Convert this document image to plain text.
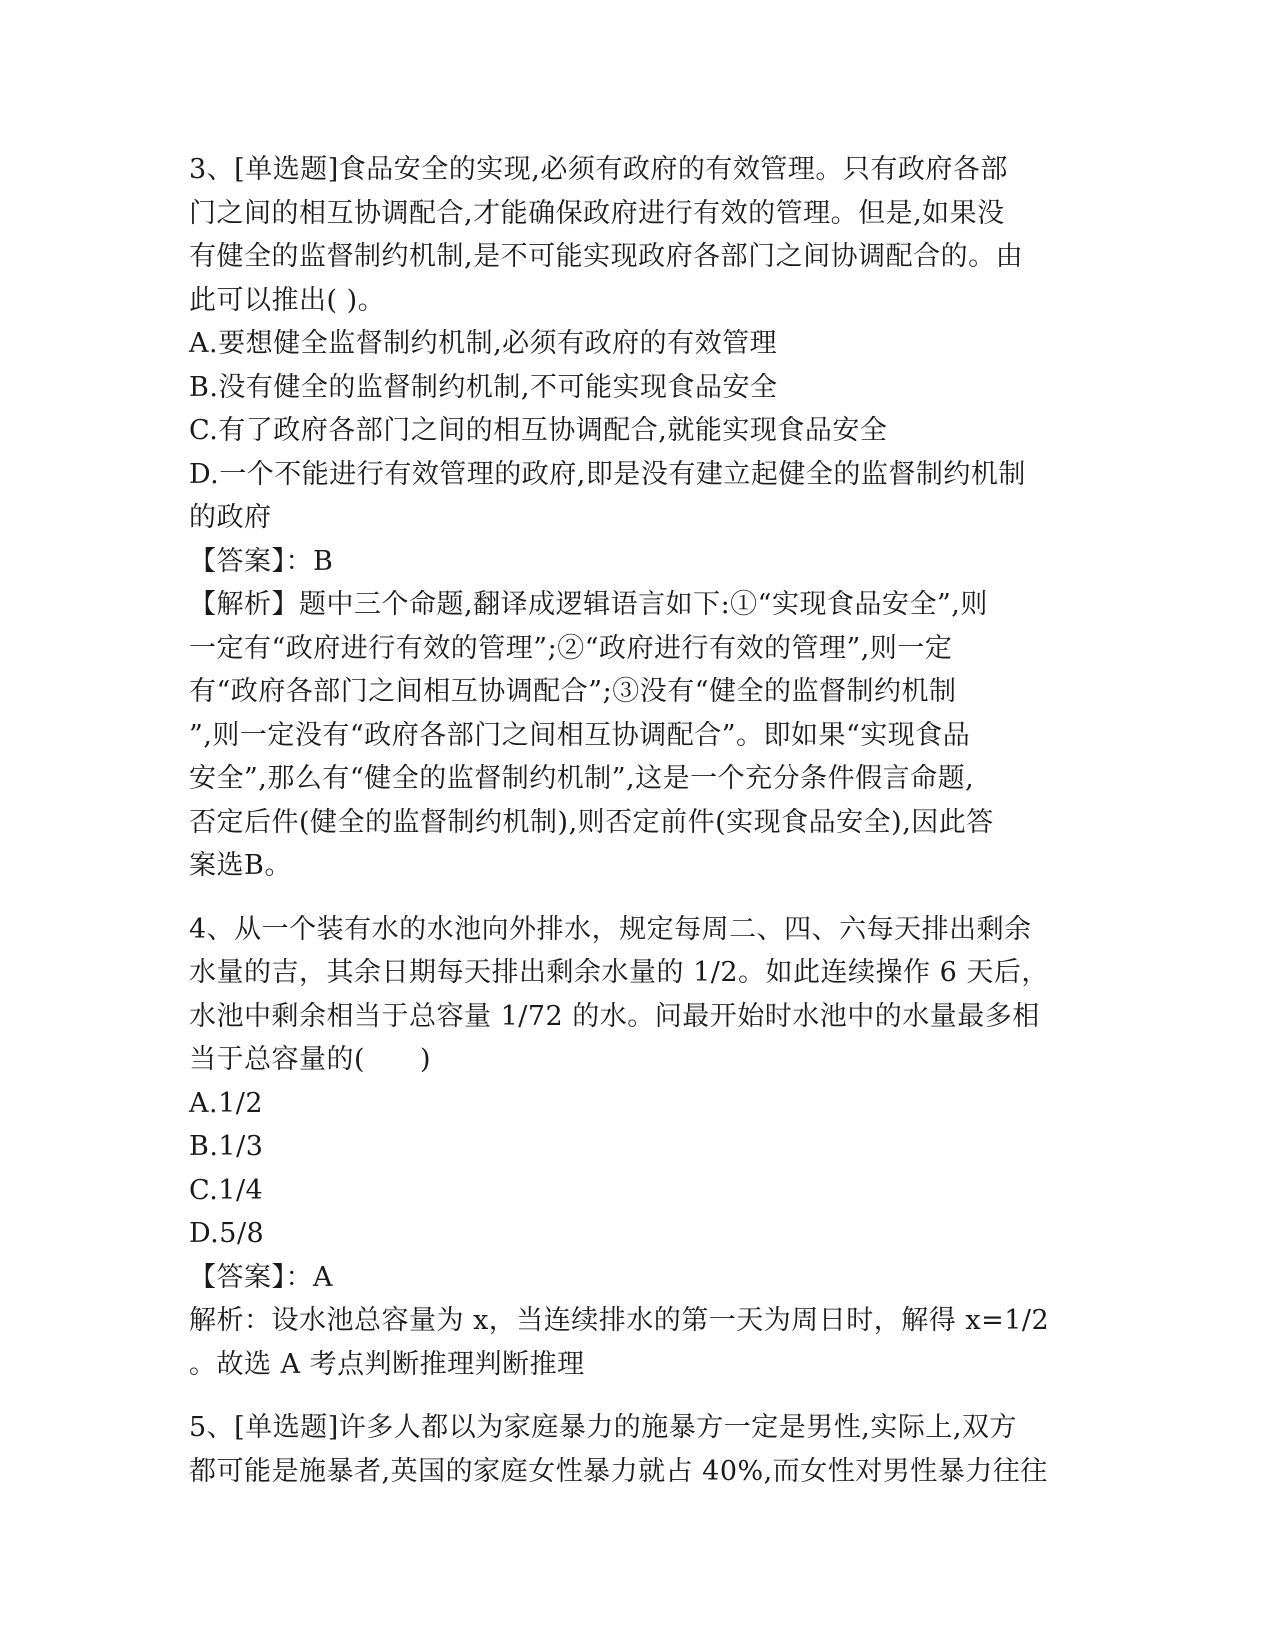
3、[单选题]食品安全的实现,必须有政府的有效管理。只有政府各部
门之间的相互协调配合,才能确保政府进行有效的管理。但是,如果没
有健全的监督制约机制,是不可能实现政府各部门之间协调配合的。由
此可以推出( )。
A.要想健全监督制约机制,必须有政府的有效管理
B.没有健全的监督制约机制,不可能实现食品安全
C.有了政府各部门之间的相互协调配合,就能实现食品安全
D.一个不能进行有效管理的政府,即是没有建立起健全的监督制约机制
的政府
【答案】：B
【解析】题中三个命题,翻译成逻辑语言如下:①“实现食品安全”,则
一定有“政府进行有效的管理”;②“政府进行有效的管理”,则一定
有“政府各部门之间相互协调配合”;③没有“健全的监督制约机制
”,则一定没有“政府各部门之间相互协调配合”。即如果“实现食品
安全”,那么有“健全的监督制约机制”,这是一个充分条件假言命题,
否定后件(健全的监督制约机制),则否定前件(实现食品安全),因此答
案选B。
4、从一个装有水的水池向外排水，规定每周二、四、六每天排出剩余
水量的吉，其余日期每天排出剩余水量的 1/2。如此连续操作 6 天后，
水池中剩余相当于总容量 1/72 的水。问最开始时水池中的水量最多相
当于总容量的(　　)
A.1/2
B.1/3
C.1/4
D.5/8
【答案】：A
解析：设水池总容量为 x，当连续排水的第一天为周日时，解得 x=1/2
。故选 A 考点判断推理判断推理
5、[单选题]许多人都以为家庭暴力的施暴方一定是男性,实际上,双方
都可能是施暴者,英国的家庭女性暴力就占 40%,而女性对男性暴力往往
